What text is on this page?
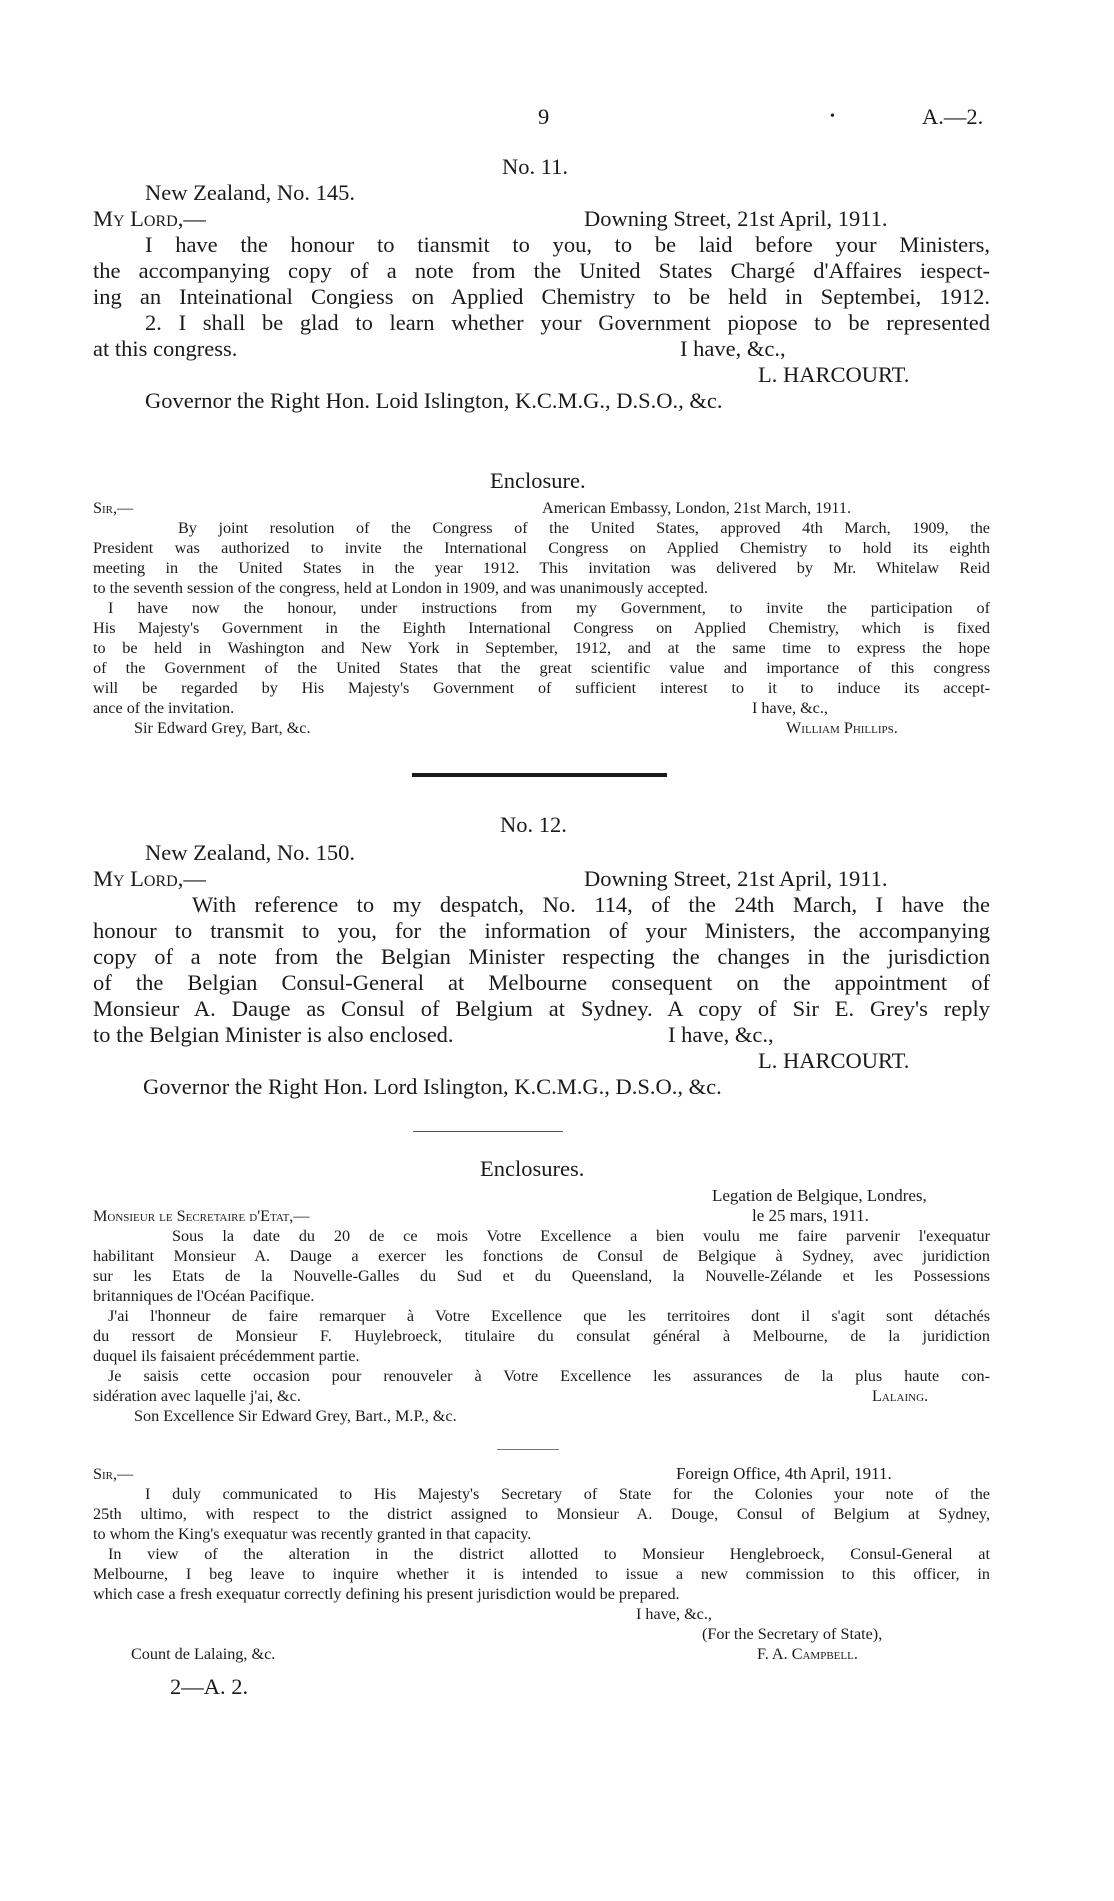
9	•	A.—2.
No. 11.
New Zealand, No. 145.
My Lord,—	Downing Street, 21st April, 1911.
I have the honour to tiansmit to you, to be laid before your Ministers,
the accompanying copy of a note from the United States Chargé d'Affaires iespect-
ing an Inteinational Congiess on Applied Chemistry to be held in Septembei, 1912.
2. I shall be glad to learn whether your Government piopose to be represented
at this congress.	I have, &c.,
L. HARCOURT.
Governor the Right Hon. Loid Islington, K.C.M.G., D.S.O., &c.
Enclosure.
Sir,—	American Embassy, London, 21st March, 1911.
By joint resolution of the Congress of the United States, approved 4th March, 1909, the
President was authorized to invite the International Congress on Applied Chemistry to hold its eighth
meeting in the United States in the year 1912. This invitation was delivered by Mr. Whitelaw Reid
to the seventh session of the congress, held at London in 1909, and was unanimously accepted.
I have now the honour, under instructions from my Government, to invite the participation of
His Majesty's Government in the Eighth International Congress on Applied Chemistry, which is fixed
to be held in Washington and New York in September, 1912, and at the same time to express the hope
of the Government of the United States that the great scientific value and importance of this congress
will be regarded by His Majesty's Government of sufficient interest to it to induce its accept-
ance of the invitation.	I have, &c.,
Sir Edward Grey, Bart, &c.	William Phillips.
No. 12.
New Zealand, No. 150.
My Lord,—	Downing Street, 21st April, 1911.
With reference to my despatch, No. 114, of the 24th March, I have the
honour to transmit to you, for the information of your Ministers, the accompanying
copy of a note from the Belgian Minister respecting the changes in the jurisdiction
of the Belgian Consul-General at Melbourne consequent on the appointment of
Monsieur A. Dauge as Consul of Belgium at Sydney. A copy of Sir E. Grey's reply
to the Belgian Minister is also enclosed.	I have, &c.,
L. HARCOURT.
Governor the Right Hon. Lord Islington, K.C.M.G., D.S.O., &c.
Enclosures.
Legation de Belgique, Londres,
Monsieur le Secretaire d'Etat,—	le 25 mars, 1911.
Sous la date du 20 de ce mois Votre Excellence a bien voulu me faire parvenir l'exequatur
habilitant Monsieur A. Dauge a exercer les fonctions de Consul de Belgique à Sydney, avec juridiction
sur les Etats de la Nouvelle-Galles du Sud et du Queensland, la Nouvelle-Zélande et les Possessions
britanniques de l'Océan Pacifique.
J'ai l'honneur de faire remarquer à Votre Excellence que les territoires dont il s'agit sont détachés
du ressort de Monsieur F. Huylebroeck, titulaire du consulat général à Melbourne, de la juridiction
duquel ils faisaient précédemment partie.
Je saisis cette occasion pour renouveler à Votre Excellence les assurances de la plus haute con-
sidération avec laquelle j'ai, &c.	Lalaing.
Son Excellence Sir Edward Grey, Bart., M.P., &c.
Sir,—	Foreign Office, 4th April, 1911.
I duly communicated to His Majesty's Secretary of State for the Colonies your note of the
25th ultimo, with respect to the district assigned to Monsieur A. Douge, Consul of Belgium at Sydney,
to whom the King's exequatur was recently granted in that capacity.
In view of the alteration in the district allotted to Monsieur Henglebroeck, Consul-General at
Melbourne, I beg leave to inquire whether it is intended to issue a new commission to this officer, in
which case a fresh exequatur correctly defining his present jurisdiction would be prepared.
I have, &c.,
(For the Secretary of State),
Count de Lalaing, &c.	F. A. Campbell.
2—A. 2.
